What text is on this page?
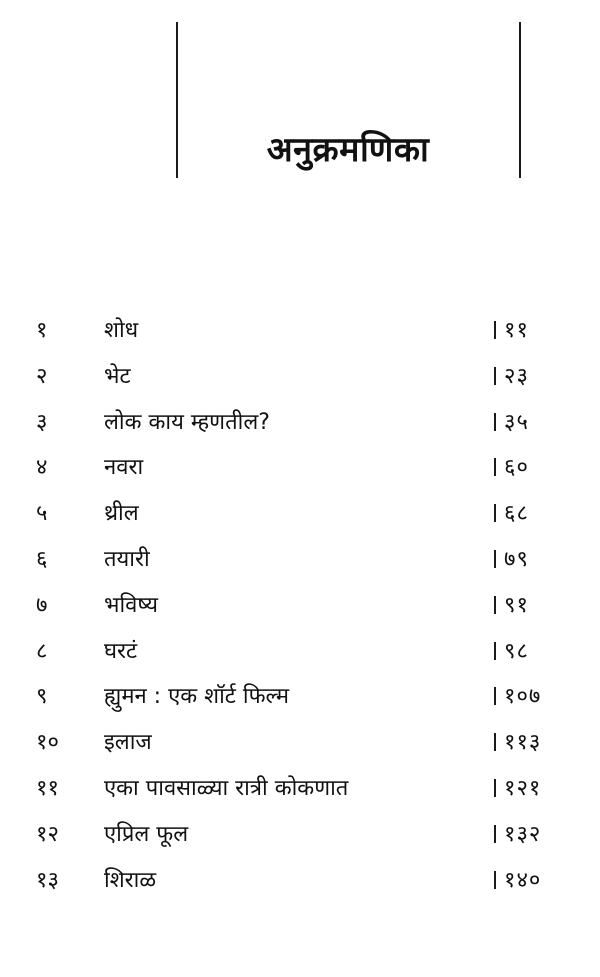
अनुक्रमणिका
१	शोध	११
२	भेट	२३
३	लोक काय म्हणतील?	३५
४	नवरा	६०
५	थ्रील	६८
६	तयारी	७९
७	भविष्य	९१
८	घरटं	९८
९	ह्युमन : एक शॉर्ट फिल्म	१०७
१० इलाज	११३
११ एका पावसाळ्या रात्री कोकणात	१२१
१२ एप्रिल फूल	१३२
१३ शिराळ	१४०
